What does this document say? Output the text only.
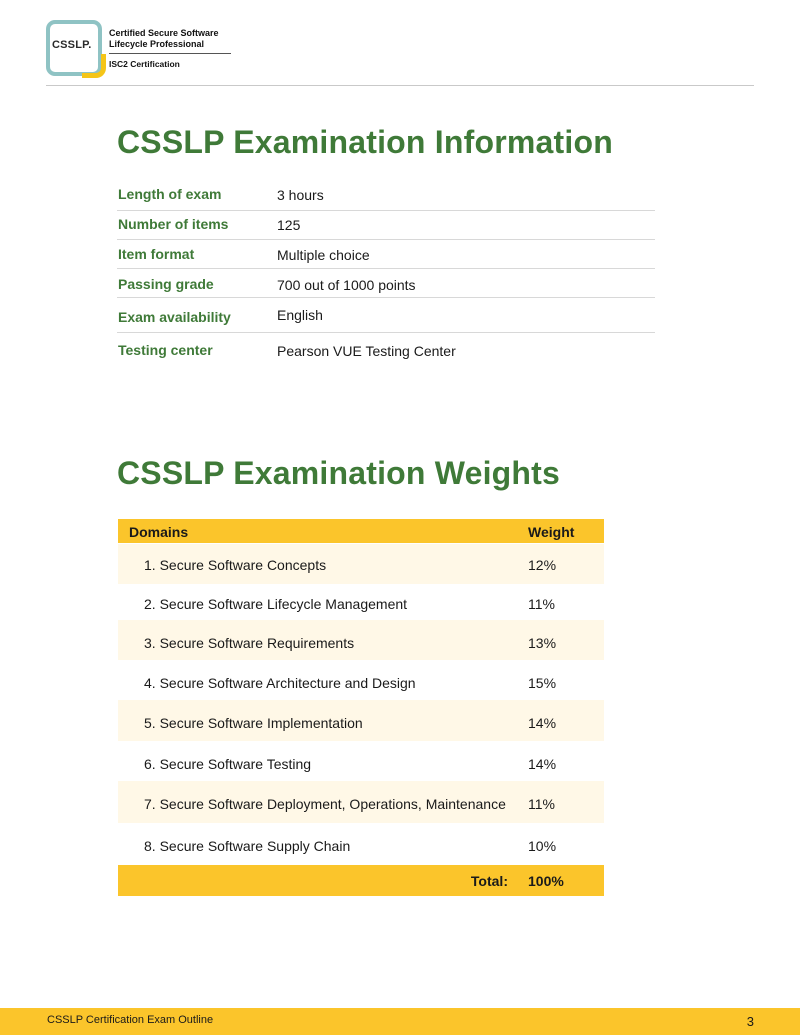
CSSLP.
Certified Secure Software
Lifecycle Professional
ISC2 Certification
CSSLP Examination Information
Length of exam	3 hours
Number of items	125
Item format	Multiple choice
Passing grade	700 out of 1000 points
Exam availability	English
Testing center	Pearson VUE Testing Center
CSSLP Examination Weights
Domains	Weight
1. Secure Software Concepts	12%
2. Secure Software Lifecycle Management	11%
3. Secure Software Requirements	13%
4. Secure Software Architecture and Design	15%
5. Secure Software Implementation	14%
6. Secure Software Testing	14%
7. Secure Software Deployment, Operations, Maintenance 11%
8. Secure Software Supply Chain	10%
Total: 100%
CSSLP Certification Exam Outline	3
